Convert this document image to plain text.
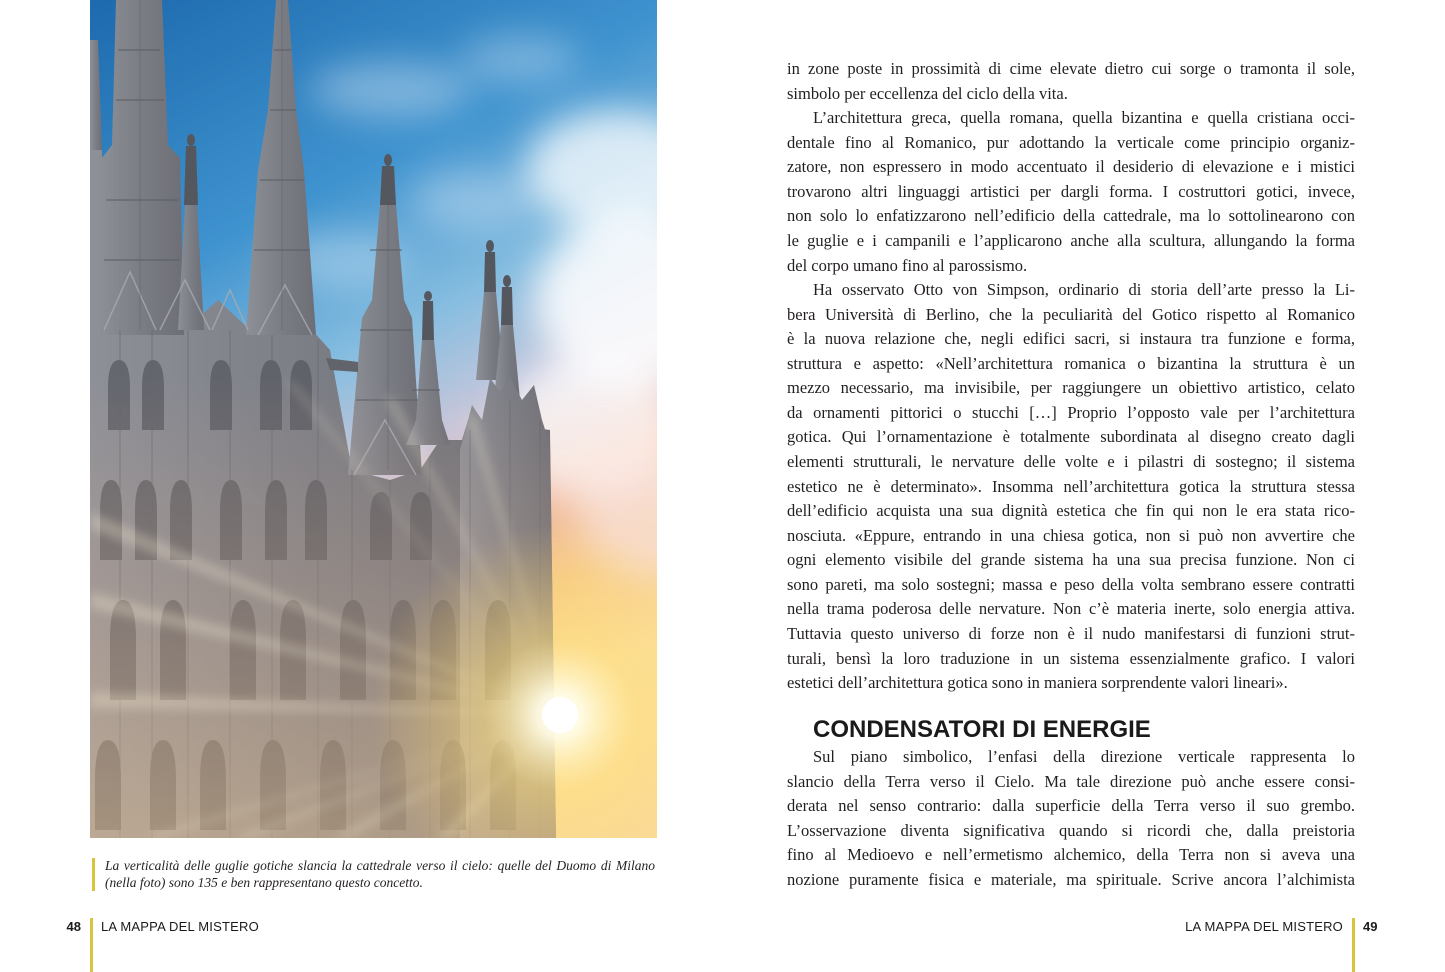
La verticalità delle guglie gotiche slancia la cattedrale verso il cielo: quelle del Duomo di Milano
(nella foto) sono 135 e ben rappresentano questo concetto.
48 LA MAPPA DEL MISTERO
in zone poste in prossimità di cime elevate dietro cui sorge o tramonta il sole,
simbolo per eccellenza del ciclo della vita.
L’architettura greca, quella romana, quella bizantina e quella cristiana occi-
dentale fino al Romanico, pur adottando la verticale come principio organiz-
zatore, non espressero in modo accentuato il desiderio di elevazione e i mistici
trovarono altri linguaggi artistici per dargli forma. I costruttori gotici, invece,
non solo lo enfatizzarono nell’edificio della cattedrale, ma lo sottolinearono con
le guglie e i campanili e l’applicarono anche alla scultura, allungando la forma
del corpo umano fino al parossismo.
Ha osservato Otto von Simpson, ordinario di storia dell’arte presso la Li-
bera Università di Berlino, che la peculiarità del Gotico rispetto al Romanico
è la nuova relazione che, negli edifici sacri, si instaura tra funzione e forma,
struttura e aspetto: «Nell’architettura romanica o bizantina la struttura è un
mezzo necessario, ma invisibile, per raggiungere un obiettivo artistico, celato
da ornamenti pittorici o stucchi […] Proprio l’opposto vale per l’architettura
gotica. Qui l’ornamentazione è totalmente subordinata al disegno creato dagli
elementi strutturali, le nervature delle volte e i pilastri di sostegno; il sistema
estetico ne è determinato». Insomma nell’architettura gotica la struttura stessa
dell’edificio acquista una sua dignità estetica che fin qui non le era stata rico-
nosciuta. «Eppure, entrando in una chiesa gotica, non si può non avvertire che
ogni elemento visibile del grande sistema ha una sua precisa funzione. Non ci
sono pareti, ma solo sostegni; massa e peso della volta sembrano essere contratti
nella trama poderosa delle nervature. Non c’è materia inerte, solo energia attiva.
Tuttavia questo universo di forze non è il nudo manifestarsi di funzioni strut-
turali, bensì la loro traduzione in un sistema essenzialmente grafico. I valori
estetici dell’architettura gotica sono in maniera sorprendente valori lineari».
CONDENSATORI DI ENERGIE
Sul piano simbolico, l’enfasi della direzione verticale rappresenta lo
slancio della Terra verso il Cielo. Ma tale direzione può anche essere consi-
derata nel senso contrario: dalla superficie della Terra verso il suo grembo.
L’osservazione diventa significativa quando si ricordi che, dalla preistoria
fino al Medioevo e nell’ermetismo alchemico, della Terra non si aveva una
nozione puramente fisica e materiale, ma spirituale. Scrive ancora l’alchimista
LA MAPPA DEL MISTERO 49
